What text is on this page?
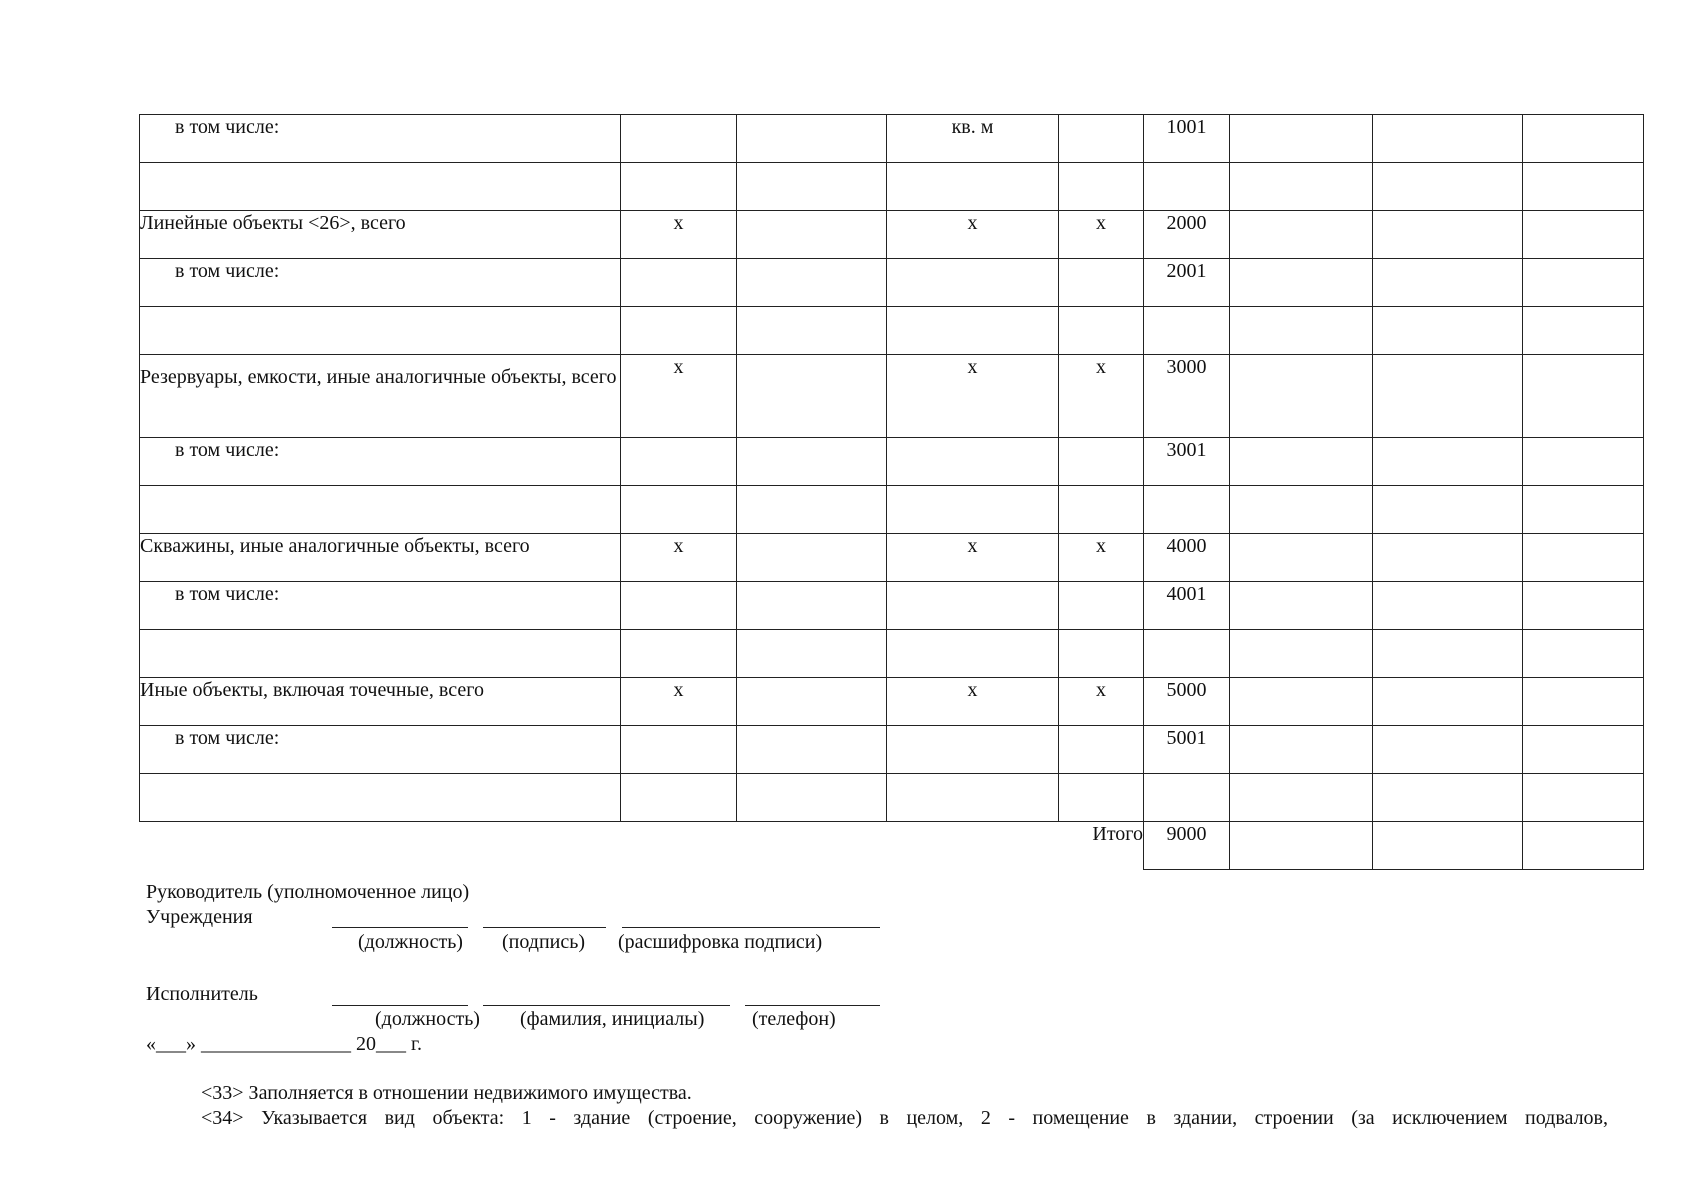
в том числе:			кв. м		1001			

Линейные объекты <26>, всего	x		x	x	2000			
в том числе:					2001			

Резервуары, емкости, иные аналогичные объекты, всего	x		x	x	3000			
в том числе:					3001			

Скважины, иные аналогичные объекты, всего	x		x	x	4000			
в том числе:					4001			

Иные объекты, включая точечные, всего	x		x	x	5000			
в том числе:					5001			

Итого					9000			
Руководитель (уполномоченное лицо)
Учреждения
(должность) (подпись) (расшифровка подписи)
Исполнитель
(должность) (фамилия, инициалы) (телефон)
«___» _______________ 20___ г.
<33> Заполняется в отношении недвижимого имущества.
<34> Указывается вид объекта: 1 - здание (строение, сооружение) в целом, 2 - помещение в здании, строении (за исключением подвалов,
